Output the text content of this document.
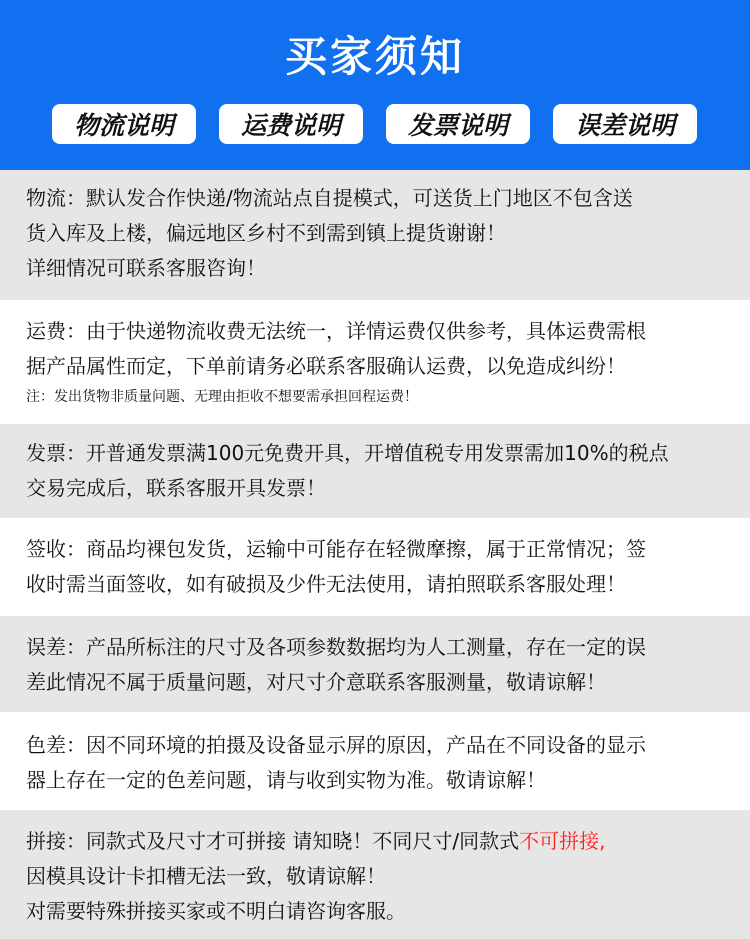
买家须知
物流说明	运费说明	发票说明	误差说明
物流：默认发合作快递/物流站点自提模式，可送货上门地区不包含送
货入库及上楼，偏远地区乡村不到需到镇上提货谢谢！
详细情况可联系客服咨询！
运费：由于快递物流收费无法统一，详情运费仅供参考，具体运费需根
据产品属性而定，下单前请务必联系客服确认运费，以免造成纠纷！
注：发出货物非质量问题、无理由拒收不想要需承担回程运费！
发票：开普通发票满100元免费开具，开增值税专用发票需加10%的税点
交易完成后，联系客服开具发票！
签收：商品均裸包发货，运输中可能存在轻微摩擦，属于正常情况；签
收时需当面签收，如有破损及少件无法使用，请拍照联系客服处理！
误差：产品所标注的尺寸及各项参数数据均为人工测量，存在一定的误
差此情况不属于质量问题，对尺寸介意联系客服测量，敬请谅解！
色差：因不同环境的拍摄及设备显示屏的原因，产品在不同设备的显示
器上存在一定的色差问题，请与收到实物为准。敬请谅解！
拼接：同款式及尺寸才可拼接 请知晓！不同尺寸/同款式不可拼接,
因模具设计卡扣槽无法一致，敬请谅解！
对需要特殊拼接买家或不明白请咨询客服。
